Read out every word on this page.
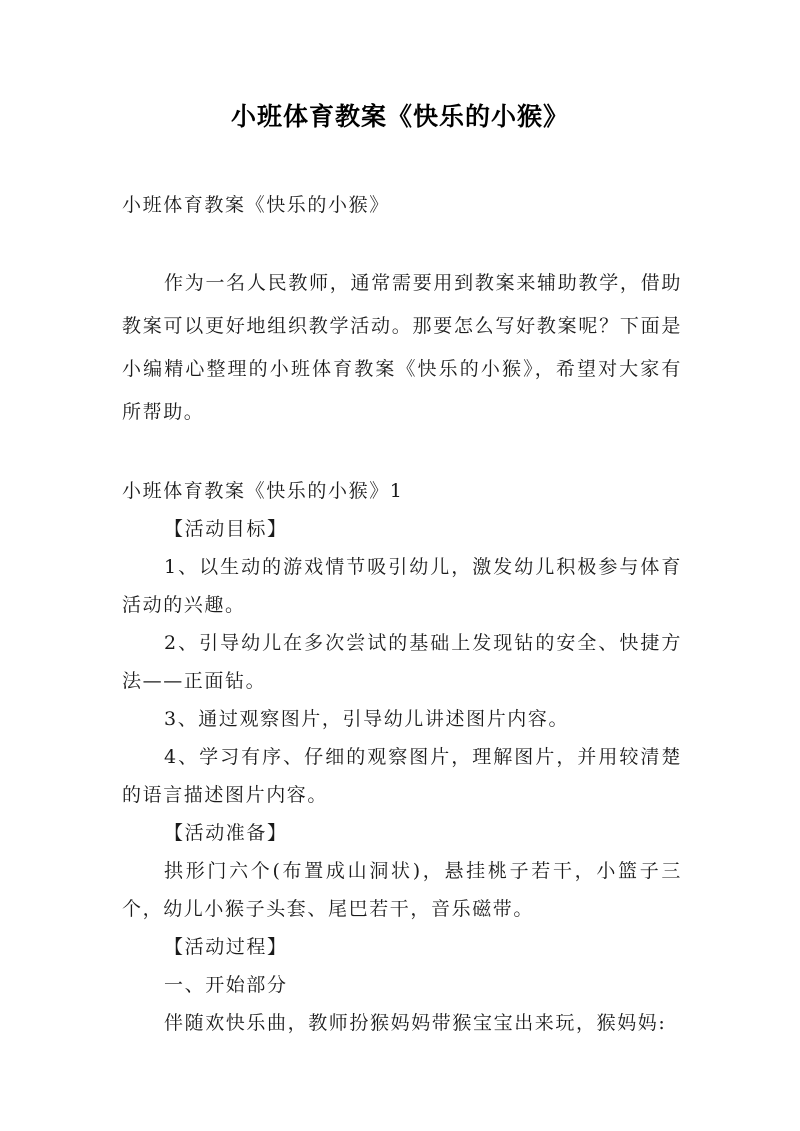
小班体育教案《快乐的小猴》

小班体育教案《快乐的小猴》

作为一名人民教师，通常需要用到教案来辅助教学，借助教案可以更好地组织教学活动。那要怎么写好教案呢？下面是小编精心整理的小班体育教案《快乐的小猴》，希望对大家有所帮助。

小班体育教案《快乐的小猴》1

【活动目标】

1、以生动的游戏情节吸引幼儿，激发幼儿积极参与体育活动的兴趣。

2、引导幼儿在多次尝试的基础上发现钻的安全、快捷方法——正面钻。

3、通过观察图片，引导幼儿讲述图片内容。

4、学习有序、仔细的观察图片，理解图片，并用较清楚的语言描述图片内容。

【活动准备】

拱形门六个(布置成山洞状)，悬挂桃子若干，小篮子三个，幼儿小猴子头套、尾巴若干，音乐磁带。

【活动过程】

一、开始部分

伴随欢快乐曲，教师扮猴妈妈带猴宝宝出来玩，猴妈妈:
